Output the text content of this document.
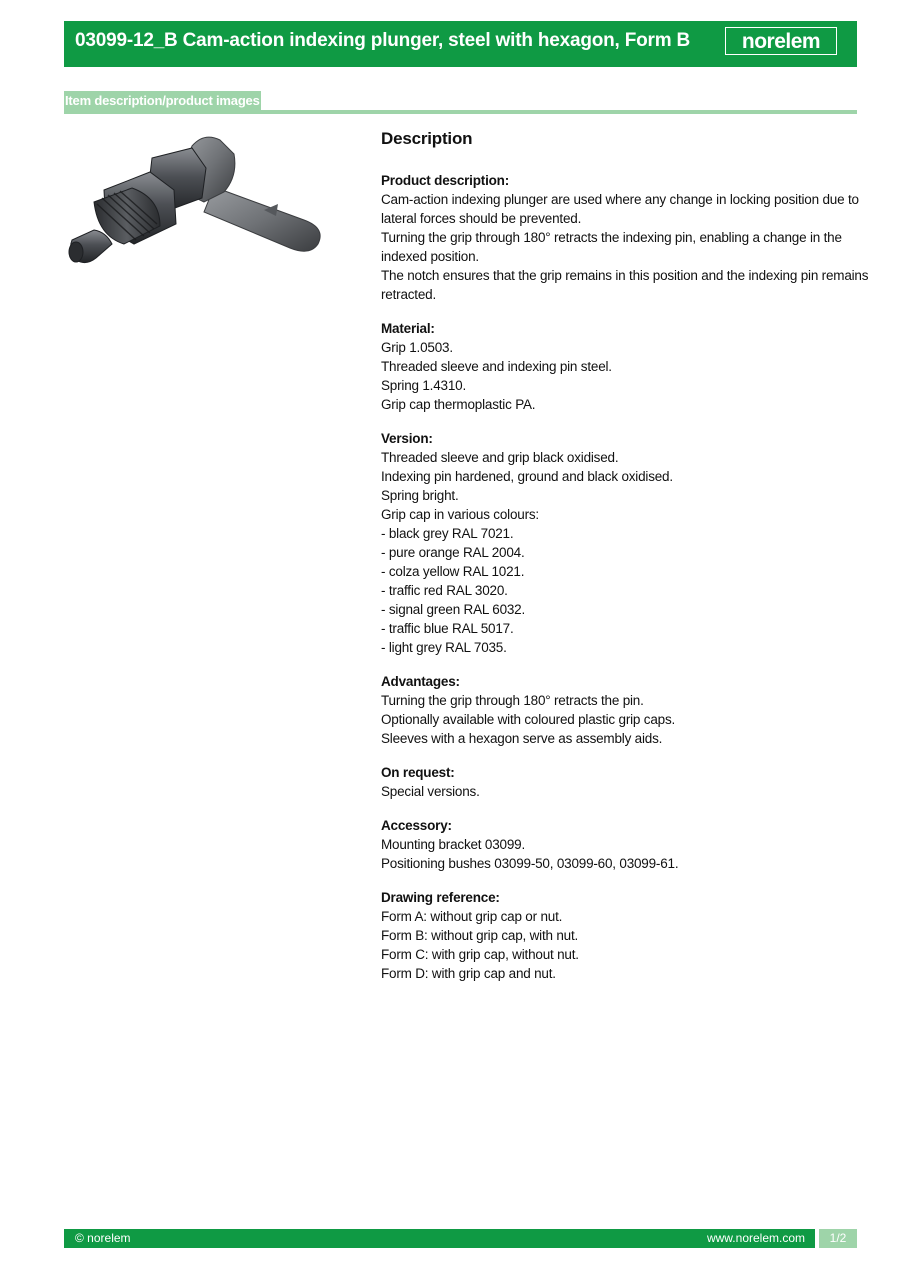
03099-12_B Cam-action indexing plunger, steel with hexagon, Form B norelem
Item description/product images
Description
Product description:
Cam-action indexing plunger are used where any change in locking position due to
lateral forces should be prevented.
Turning the grip through 180° retracts the indexing pin, enabling a change in the
indexed position.
The notch ensures that the grip remains in this position and the indexing pin remains
retracted.
Material:
Grip 1.0503.
Threaded sleeve and indexing pin steel.
Spring 1.4310.
Grip cap thermoplastic PA.
Version:
Threaded sleeve and grip black oxidised.
Indexing pin hardened, ground and black oxidised.
Spring bright.
Grip cap in various colours:
- black grey RAL 7021.
- pure orange RAL 2004.
- colza yellow RAL 1021.
- traffic red RAL 3020.
- signal green RAL 6032.
- traffic blue RAL 5017.
- light grey RAL 7035.
Advantages:
Turning the grip through 180° retracts the pin.
Optionally available with coloured plastic grip caps.
Sleeves with a hexagon serve as assembly aids.
On request:
Special versions.
Accessory:
Mounting bracket 03099.
Positioning bushes 03099-50, 03099-60, 03099-61.
Drawing reference:
Form A: without grip cap or nut.
Form B: without grip cap, with nut.
Form C: with grip cap, without nut.
Form D: with grip cap and nut.
© norelem	www.norelem.com	1/2
